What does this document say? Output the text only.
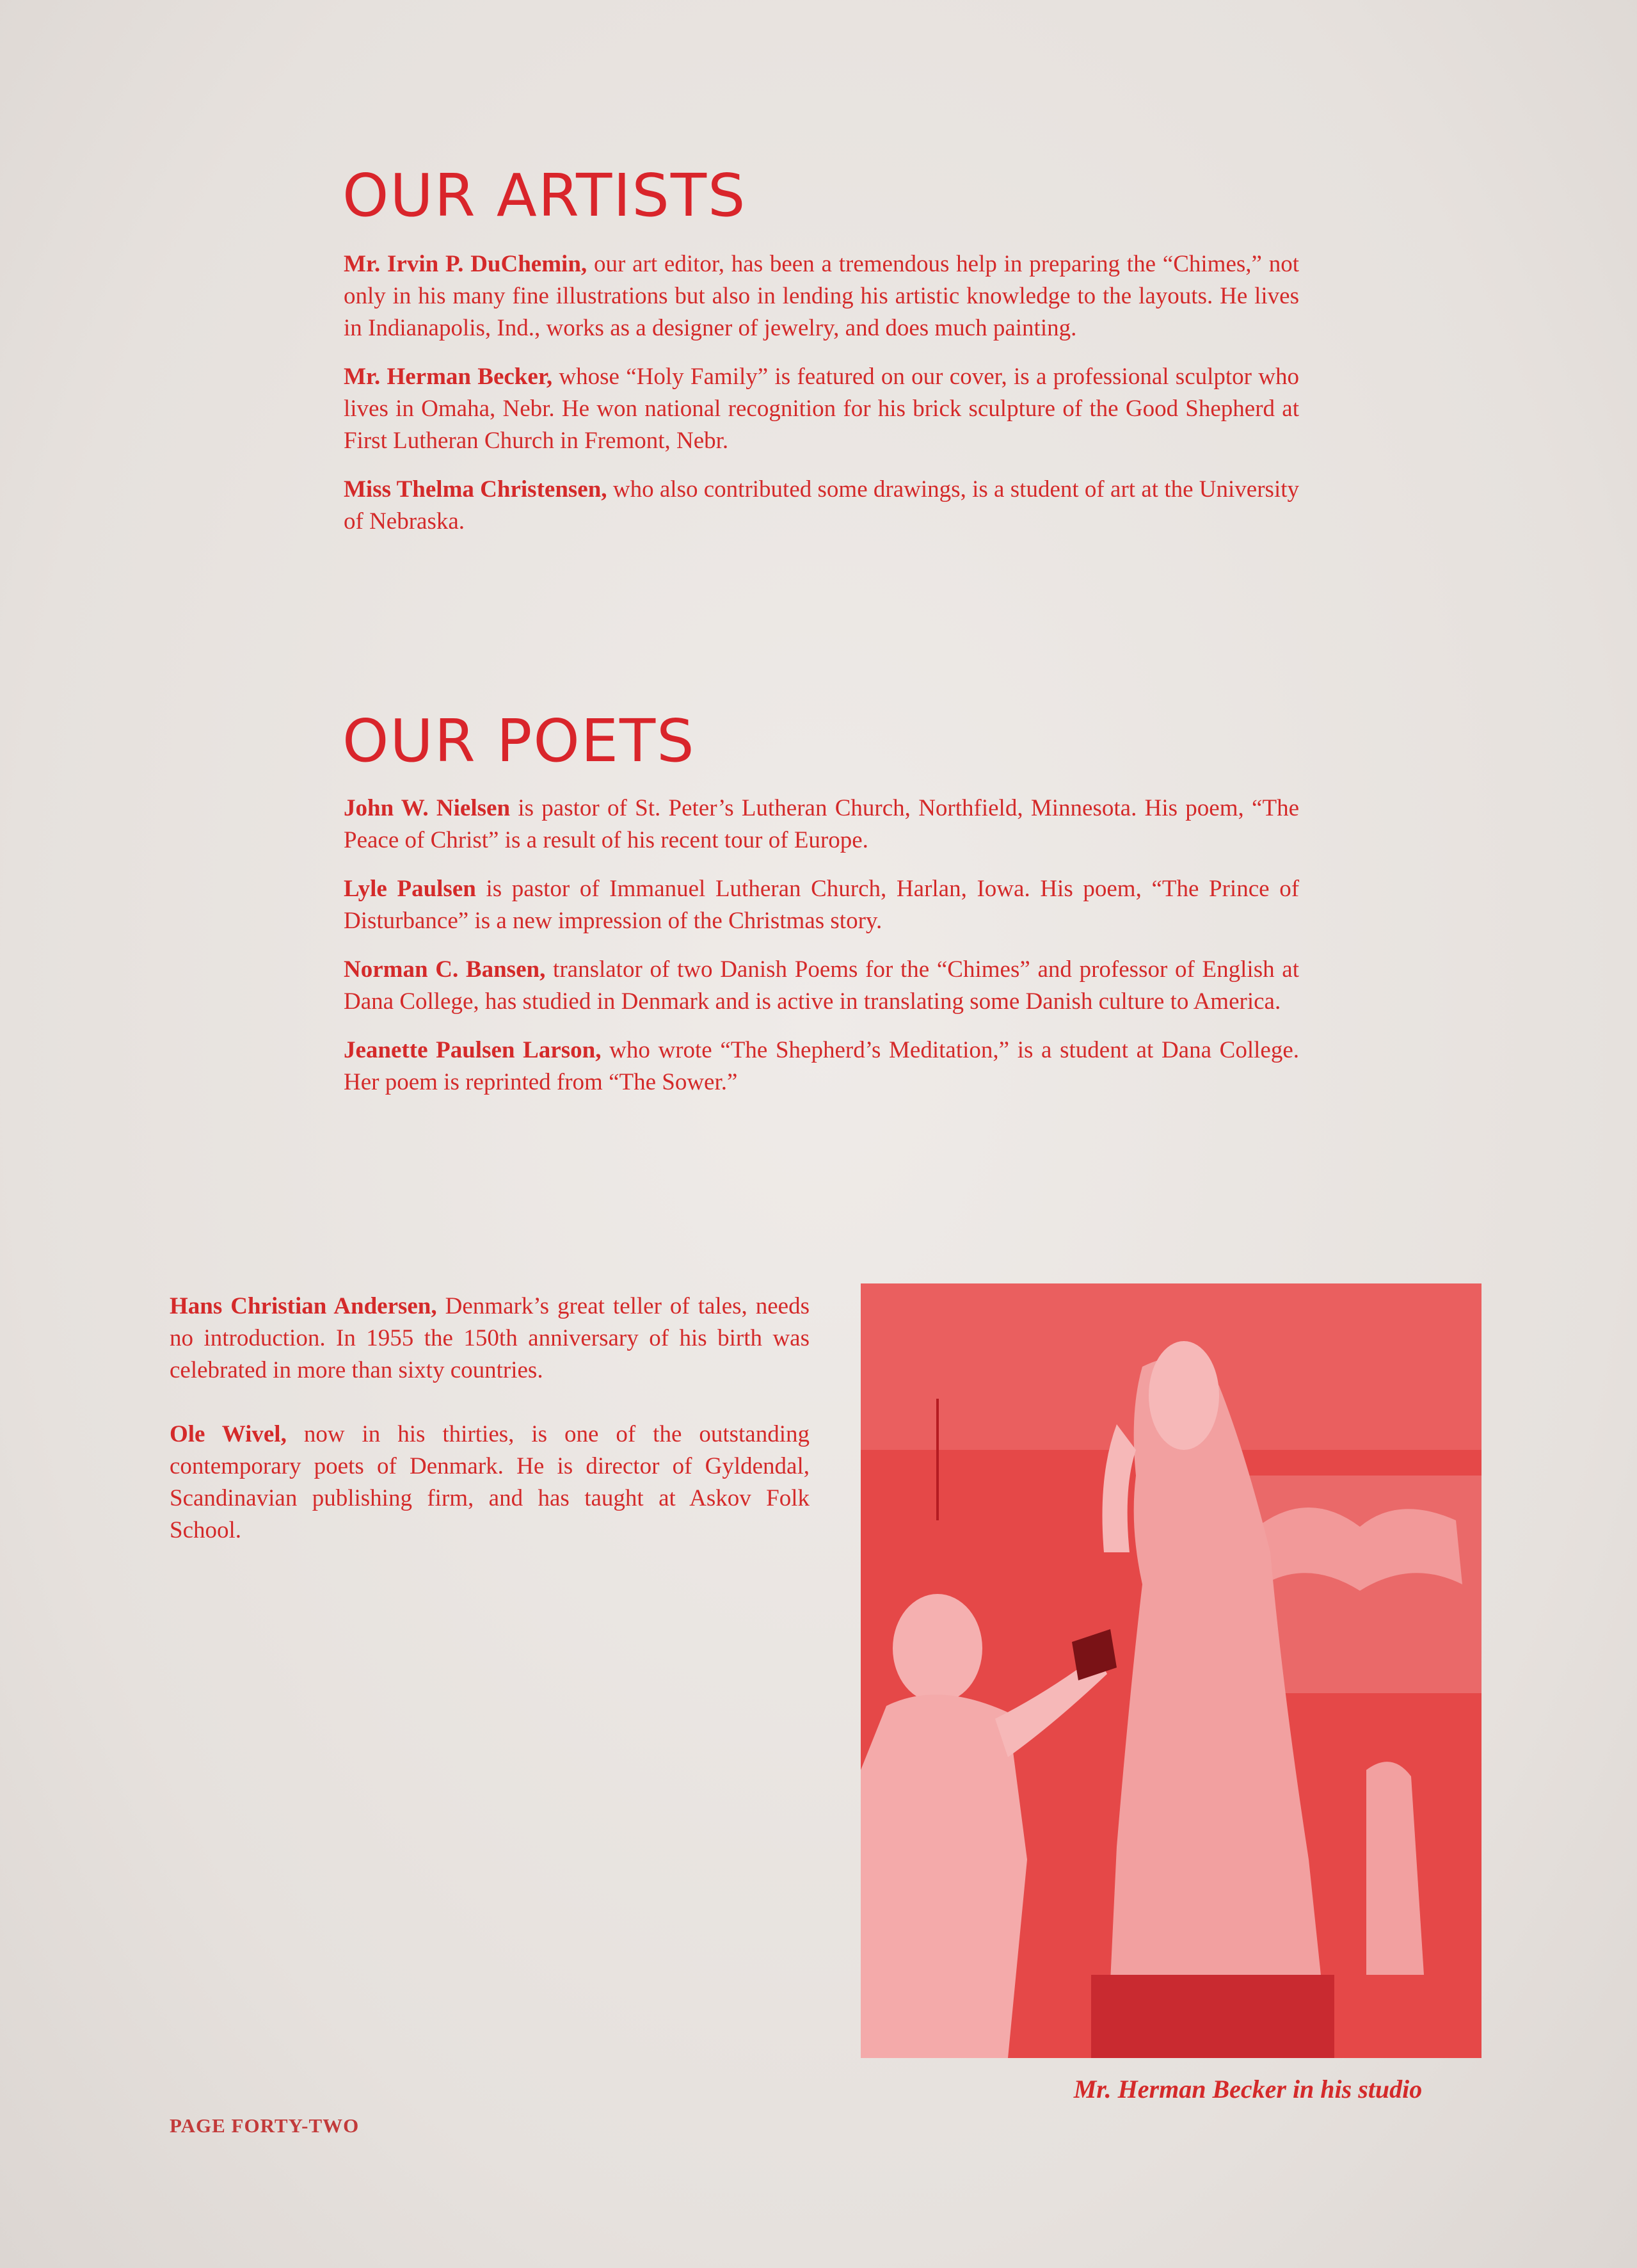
OUR ARTISTS

Mr. Irvin P. DuChemin, our art editor, has been a tremendous help in preparing the “Chimes,” not only in his many fine illustrations but also in lending his artistic knowledge to the layouts. He lives in Indianapolis, Ind., works as a designer of jewelry, and does much painting.

Mr. Herman Becker, whose “Holy Family” is featured on our cover, is a professional sculptor who lives in Omaha, Nebr. He won national recognition for his brick sculpture of the Good Shepherd at First Lutheran Church in Fremont, Nebr.

Miss Thelma Christensen, who also contributed some drawings, is a student of art at the University of Nebraska.

OUR POETS

John W. Nielsen is pastor of St. Peter’s Lutheran Church, Northfield, Minnesota. His poem, “The Peace of Christ” is a result of his recent tour of Europe.

Lyle Paulsen is pastor of Immanuel Lutheran Church, Harlan, Iowa. His poem, “The Prince of Disturbance” is a new impression of the Christmas story.

Norman C. Bansen, translator of two Danish Poems for the “Chimes” and professor of English at Dana College, has studied in Denmark and is active in translating some Danish culture to America.

Jeanette Paulsen Larson, who wrote “The Shepherd’s Meditation,” is a student at Dana College. Her poem is reprinted from “The Sower.”

Hans Christian Andersen, Denmark’s great teller of tales, needs no introduction. In 1955 the 150th anniversary of his birth was celebrated in more than sixty countries.

Ole Wivel, now in his thirties, is one of the outstanding contemporary poets of Denmark. He is director of Gyldendal, Scandinavian publishing firm, and has taught at Askov Folk School.

Mr. Herman Becker in his studio
PAGE FORTY-TWO
